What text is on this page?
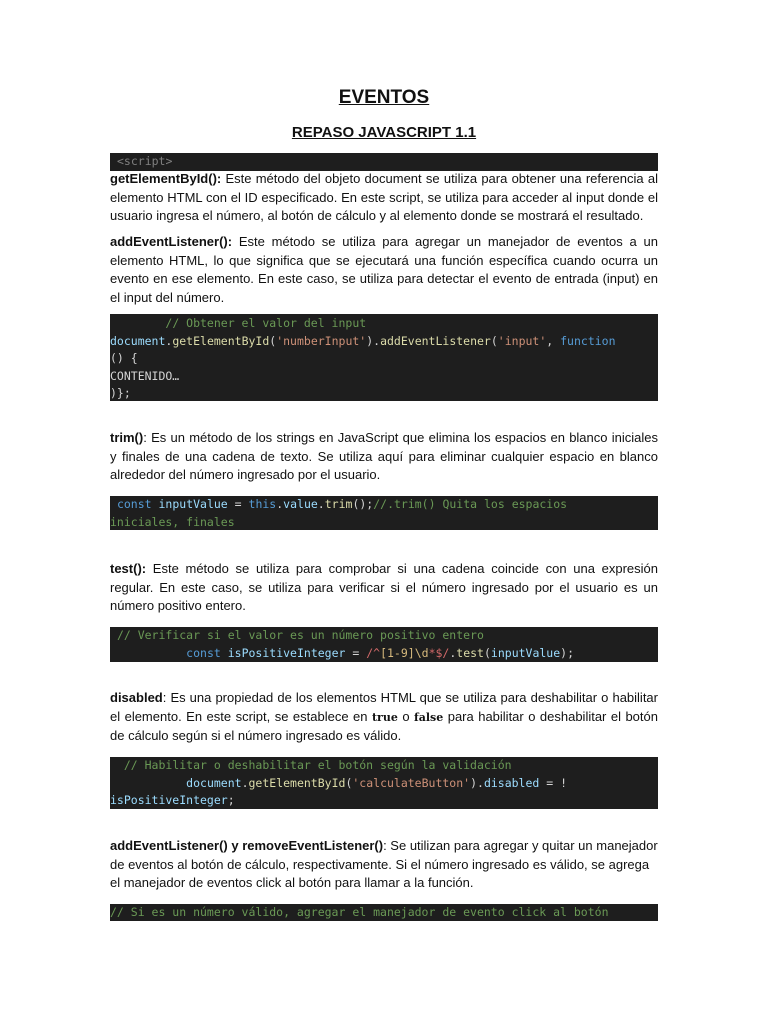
EVENTOS
REPASO JAVASCRIPT 1.1
<script>

getElementById(): Este método del objeto document se utiliza para obtener una referencia al elemento HTML con el ID especificado. En este script, se utiliza para acceder al input donde el usuario ingresa el número, al botón de cálculo y al elemento donde se mostrará el resultado.

addEventListener(): Este método se utiliza para agregar un manejador de eventos a un elemento HTML, lo que significa que se ejecutará una función específica cuando ocurra un evento en ese elemento. En este caso, se utiliza para detectar el evento de entrada (input) en el input del número.

// Obtener el valor del input
document.getElementById('numberInput').addEventListener('input', function
() {
CONTENIDO…
)};

trim(): Es un método de los strings en JavaScript que elimina los espacios en blanco iniciales y finales de una cadena de texto. Se utiliza aquí para eliminar cualquier espacio en blanco alrededor del número ingresado por el usuario.

const inputValue = this.value.trim();//.trim() Quita los espacios
iniciales, finales

test(): Este método se utiliza para comprobar si una cadena coincide con una expresión regular. En este caso, se utiliza para verificar si el número ingresado por el usuario es un número positivo entero.

// Verificar si el valor es un número positivo entero
const isPositiveInteger = /^[1-9]\d*$/.test(inputValue);

disabled: Es una propiedad de los elementos HTML que se utiliza para deshabilitar o habilitar el elemento. En este script, se establece en true o false para habilitar o deshabilitar el botón de cálculo según si el número ingresado es válido.

// Habilitar o deshabilitar el botón según la validación
document.getElementById('calculateButton').disabled = !
isPositiveInteger;

addEventListener() y removeEventListener(): Se utilizan para agregar y quitar un manejador de eventos al botón de cálculo, respectivamente. Si el número ingresado es válido, se agrega el manejador de eventos click al botón para llamar a la función.

// Si es un número válido, agregar el manejador de evento click al botón
